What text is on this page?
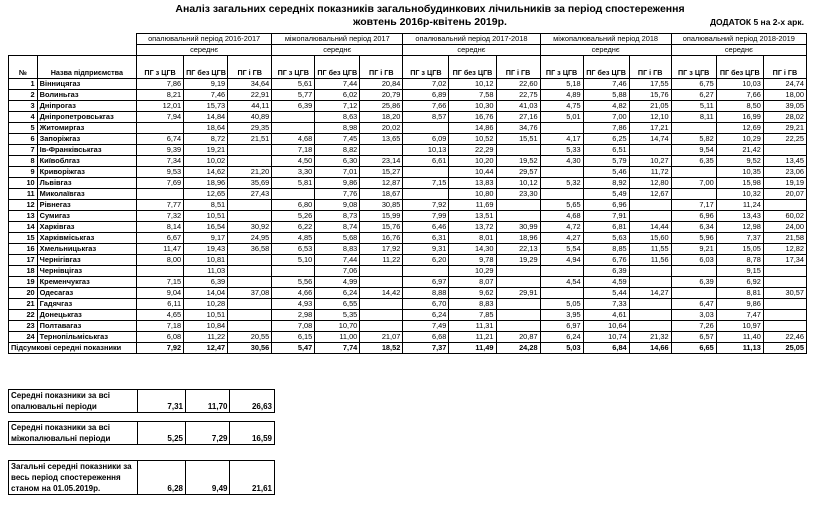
Аналіз загальних середніх показників загальнобудинкових лічильників за період спостереження
жовтень 2016р-квітень 2019р.	ДОДАТОК 5 на 2-х арк.
		опалювальний період 2016-2017			міжопалювальний період 2017			опалювальний період 2017-2018			міжопалювальний період 2018			опалювальний період 2018-2019		
		середнє			середнє			середнє			середнє			середнє		
№	Назва підприємства	ПГ з ЦГВ	ПГ без ЦГВ	ПГ і ГВ	ПГ з ЦГВ	ПГ без ЦГВ	ПГ і ГВ	ПГ з ЦГВ	ПГ без ЦГВ	ПГ і ГВ	ПГ з ЦГВ	ПГ без ЦГВ	ПГ і ГВ	ПГ з ЦГВ	ПГ без ЦГВ	ПГ і ГВ
1	Вінницягаз	7,86	9,19	34,64	5,61	7,44	20,84	7,02	10,12	22,60	5,18	7,46	17,55	6,75	10,03	24,74
2	Волиньгаз	8,21	7,46	22,91	5,77	6,02	20,79	6,89	7,58	22,75	4,89	5,88	15,76	6,27	7,66	18,00
3	Дніпрогаз	12,01	15,73	44,11	6,39	7,12	25,86	7,66	10,30	41,03	4,75	4,82	21,05	5,11	8,50	39,05
4	Дніпропетровськгаз	7,94	14,84	40,89		8,63	18,20	8,57	16,76	27,16	5,01	7,00	12,10	8,11	16,99	28,02
5	Житомиргаз		18,64	29,35		8,98	20,02		14,86	34,76		7,86	17,21		12,69	29,21
6	Запоріжгаз	6,74	8,72	21,51	4,68	7,45	13,65	6,09	10,52	15,51	4,17	6,25	14,74	5,82	10,29	22,25
7	Ів-Франківськгаз	9,39	19,21		7,18	8,82		10,13	22,29		5,33	6,51		9,54	21,42	
8	Київоблгаз	7,34	10,02		4,50	6,30	23,14	6,61	10,20	19,52	4,30	5,79	10,27	6,35	9,52	13,45
9	Криворіжгаз	9,53	14,62	21,20	3,30	7,01	15,27		10,44	29,57		5,46	11,72		10,35	23,06
10	Львівгаз	7,69	18,96	35,69	5,81	9,86	12,87	7,15	13,83	10,12	5,32	8,92	12,80	7,00	15,98	19,19
11	Миколаївгаз		12,65	27,43		7,76	18,67		10,80	23,30		5,49	12,67		10,32	20,07
12	Рівнегаз	7,77	8,51		6,80	9,08	30,85	7,92	11,69		5,65	6,96		7,17	11,24	
13	Сумигаз	7,32	10,51		5,26	8,73	15,99	7,99	13,51		4,68	7,91		6,96	13,43	60,02
14	Харківгаз	8,14	16,54	30,92	6,22	8,74	15,76	6,46	13,72	30,99	4,72	6,81	14,44	6,34	12,98	24,00
15	Харківміськгаз	6,67	9,17	24,95	4,85	5,68	16,76	6,31	8,01	18,96	4,27	5,63	15,60	5,96	7,37	21,58
16	Хмельницькгаз	11,47	19,43	36,58	6,53	8,83	17,92	9,31	14,30	22,13	5,54	8,85	11,55	9,21	15,05	12,82
17	Чернігівгаз	8,00	10,81		5,10	7,44	11,22	6,20	9,78	19,29	4,94	6,76	11,56	6,03	8,78	17,34
18	Чернівцігаз		11,03			7,06			10,29			6,39			9,15	
19	Кременчукгаз	7,15	6,39		5,56	4,99		6,97	8,07		4,54	4,59		6,39	6,92	
20	Одесагаз	9,04	14,04	37,08	4,66	6,24	14,42	8,88	9,62	29,91		5,44	14,27		8,81	30,57
21	Гадячгаз	6,11	10,28		4,93	6,55		6,70	8,83		5,05	7,33		6,47	9,86	
22	Донецькгаз	4,65	10,51		2,98	5,35		6,24	7,85		3,95	4,61		3,03	7,47	
23	Полтавагаз	7,18	10,84		7,08	10,70		7,49	11,31		6,97	10,64		7,26	10,97	
24	Тернопільміськгаз	6,08	11,22	20,55	6,15	11,00	21,07	6,68	11,21	20,87	6,24	10,74	21,32	6,57	11,40	22,46
Підсумкові середні показники		7,92	12,47	30,56	5,47	7,74	18,52	7,37	11,49	24,28	5,03	6,84	14,66	6,65	11,13	25,05
Середні показники за всі опалювальні періоди	7,31	11,70	26,63
Середні показники за всі міжопалювальні періоди	5,25	7,29	16,59
Загальні середні показники за весь період спостереження станом на 01.05.2019р.	6,28	9,49	21,61
